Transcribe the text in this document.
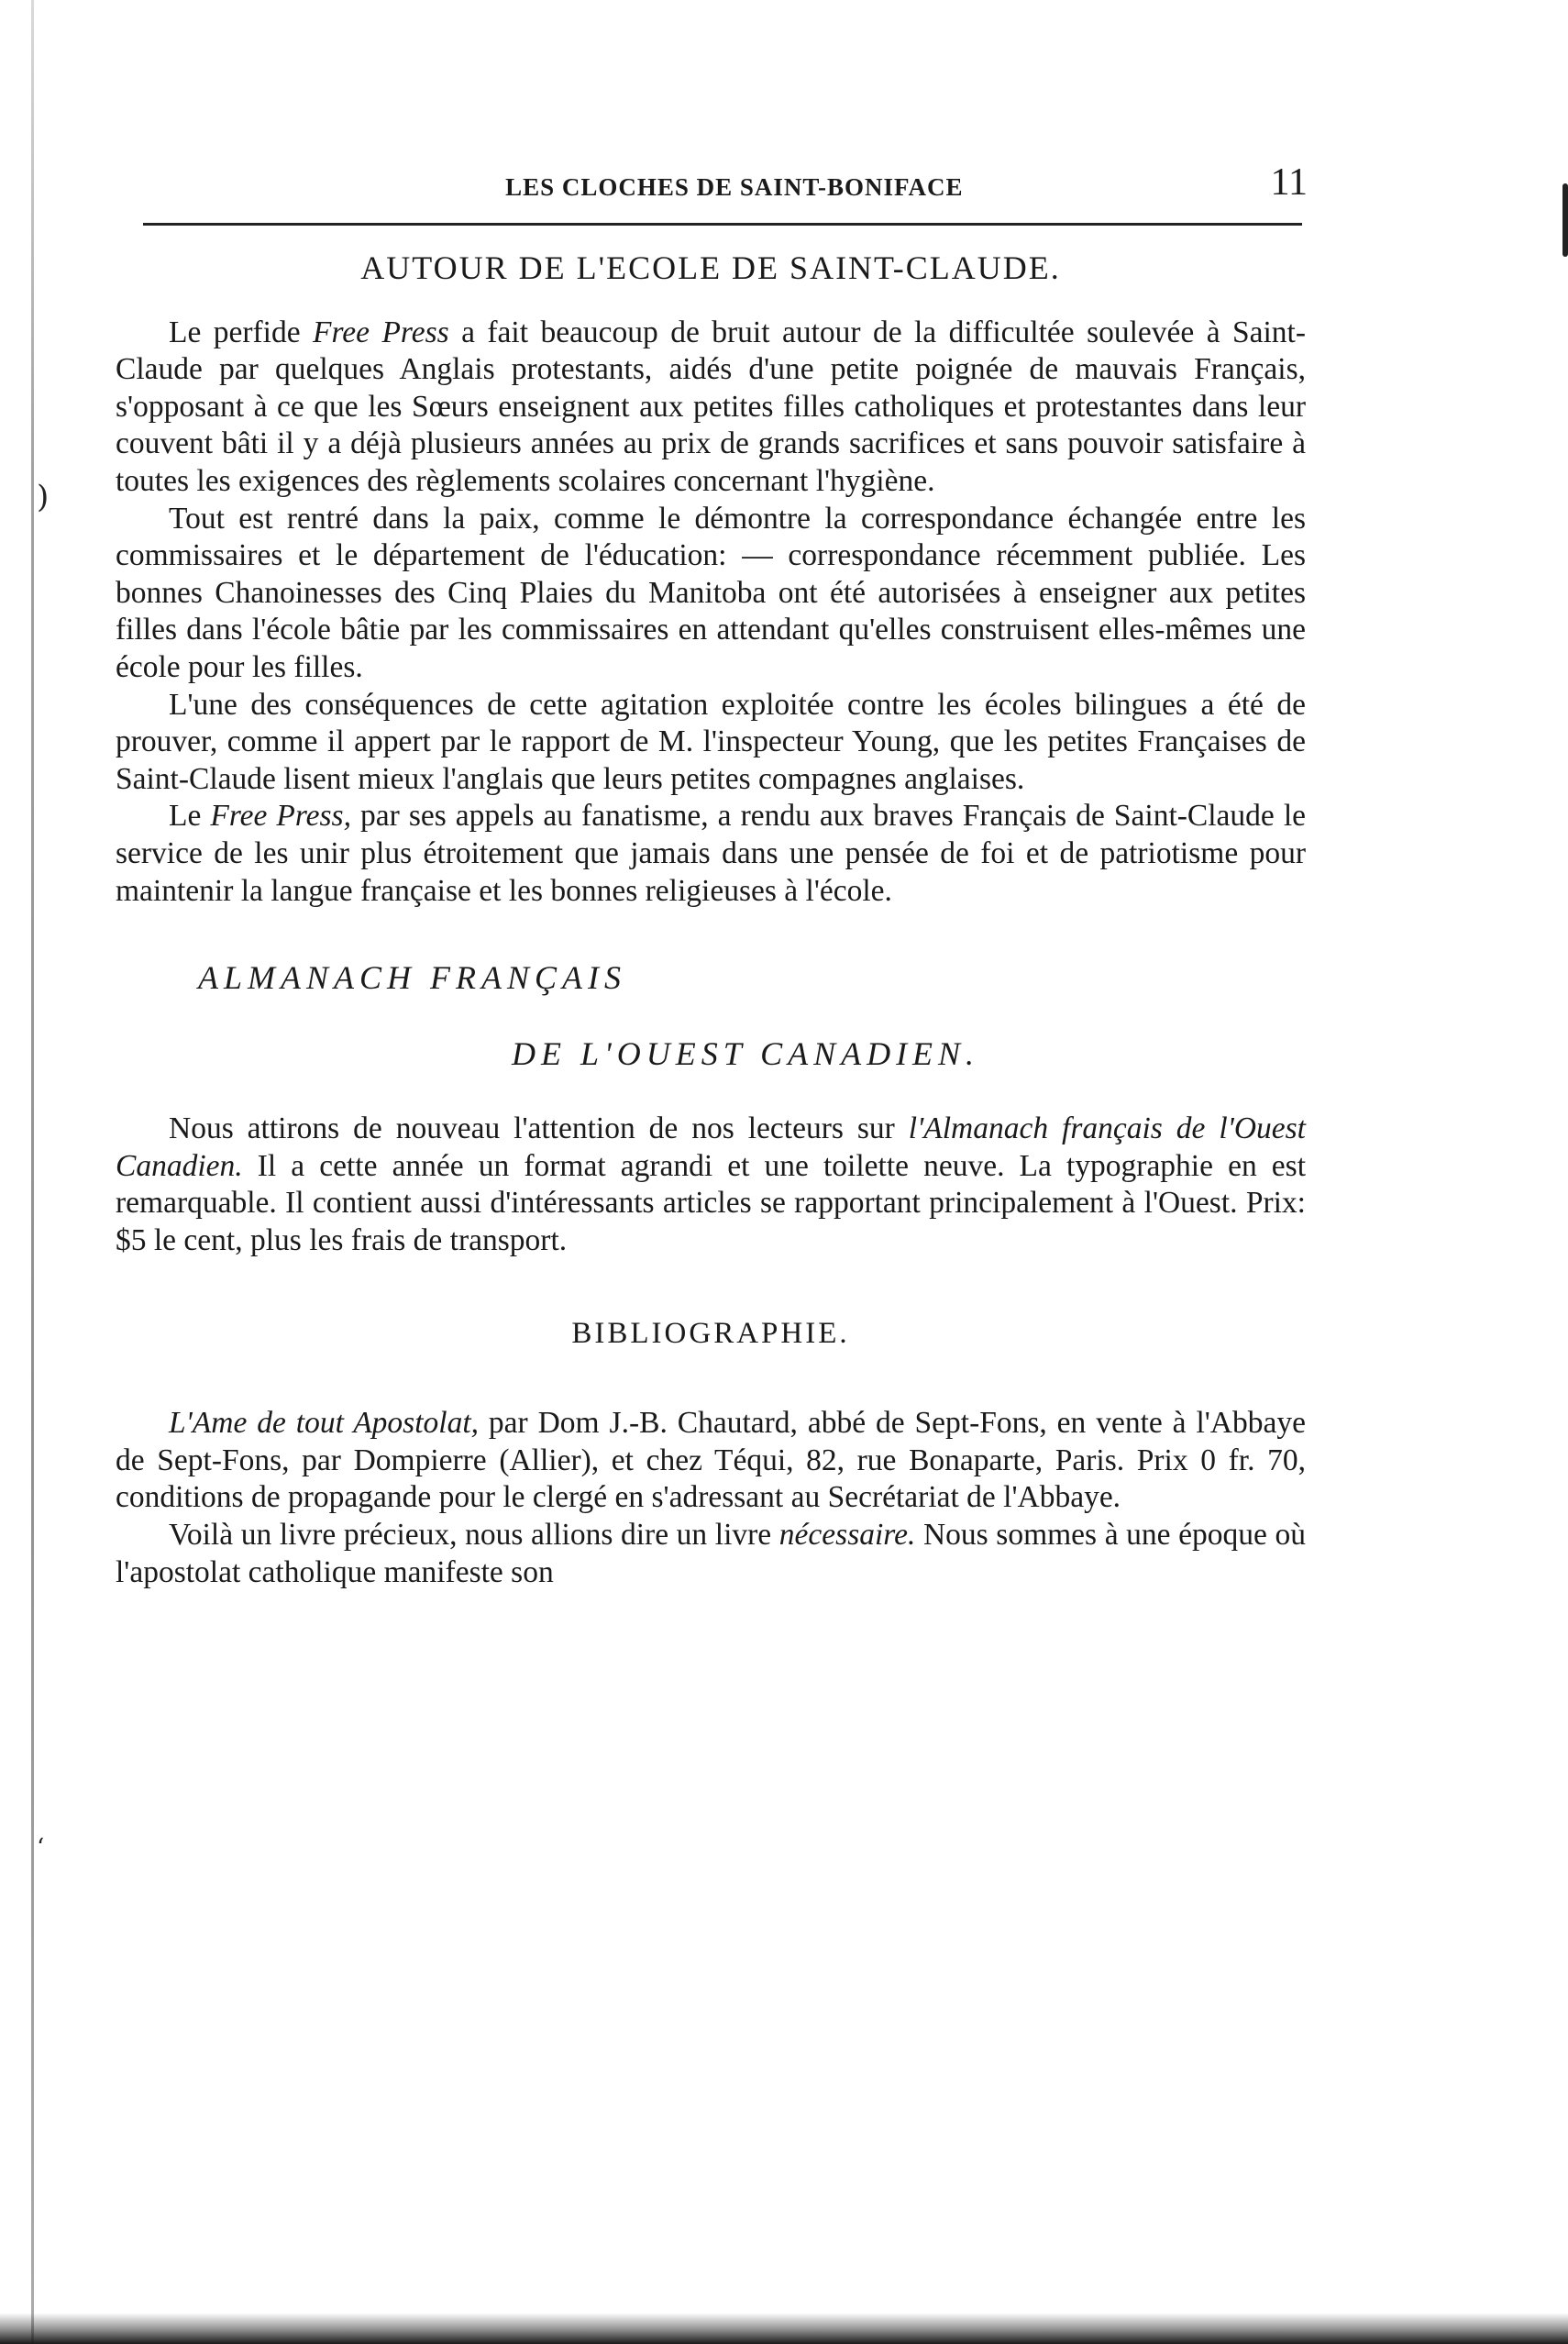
)
ʻ
LES CLOCHES DE SAINT-BONIFACE	11
AUTOUR DE L'ECOLE DE SAINT-CLAUDE.

Le perfide Free Press a fait beaucoup de bruit autour de la difficultée soulevée à Saint-Claude par quelques Anglais protestants, aidés d'une petite poignée de mauvais Français, s'opposant à ce que les Sœurs enseignent aux petites filles catholiques et protestantes dans leur couvent bâti il y a déjà plusieurs années au prix de grands sacrifices et sans pouvoir satisfaire à toutes les exigences des règlements scolaires concernant l'hygiène.

Tout est rentré dans la paix, comme le démontre la correspondance échangée entre les commissaires et le département de l'éducation: — correspondance récemment publiée. Les bonnes Chanoinesses des Cinq Plaies du Manitoba ont été autorisées à enseigner aux petites filles dans l'école bâtie par les commissaires en attendant qu'elles construisent elles-mêmes une école pour les filles.

L'une des conséquences de cette agitation exploitée contre les écoles bilingues a été de prouver, comme il appert par le rapport de M. l'inspecteur Young, que les petites Françaises de Saint-Claude lisent mieux l'anglais que leurs petites compagnes anglaises.

Le Free Press, par ses appels au fanatisme, a rendu aux braves Français de Saint-Claude le service de les unir plus étroitement que jamais dans une pensée de foi et de patriotisme pour maintenir la langue française et les bonnes religieuses à l'école.

ALMANACH FRANÇAIS
DE L'OUEST CANADIEN.

Nous attirons de nouveau l'attention de nos lecteurs sur l'Almanach français de l'Ouest Canadien. Il a cette année un format agrandi et une toilette neuve. La typographie en est remarquable. Il contient aussi d'intéressants articles se rapportant principalement à l'Ouest. Prix: $5 le cent, plus les frais de transport.

BIBLIOGRAPHIE.

L'Ame de tout Apostolat, par Dom J.-B. Chautard, abbé de Sept-Fons, en vente à l'Abbaye de Sept-Fons, par Dompierre (Allier), et chez Téqui, 82, rue Bonaparte, Paris. Prix 0 fr. 70, conditions de propagande pour le clergé en s'adressant au Secrétariat de l'Abbaye.

Voilà un livre précieux, nous allions dire un livre nécessaire. Nous sommes à une époque où l'apostolat catholique manifeste son
